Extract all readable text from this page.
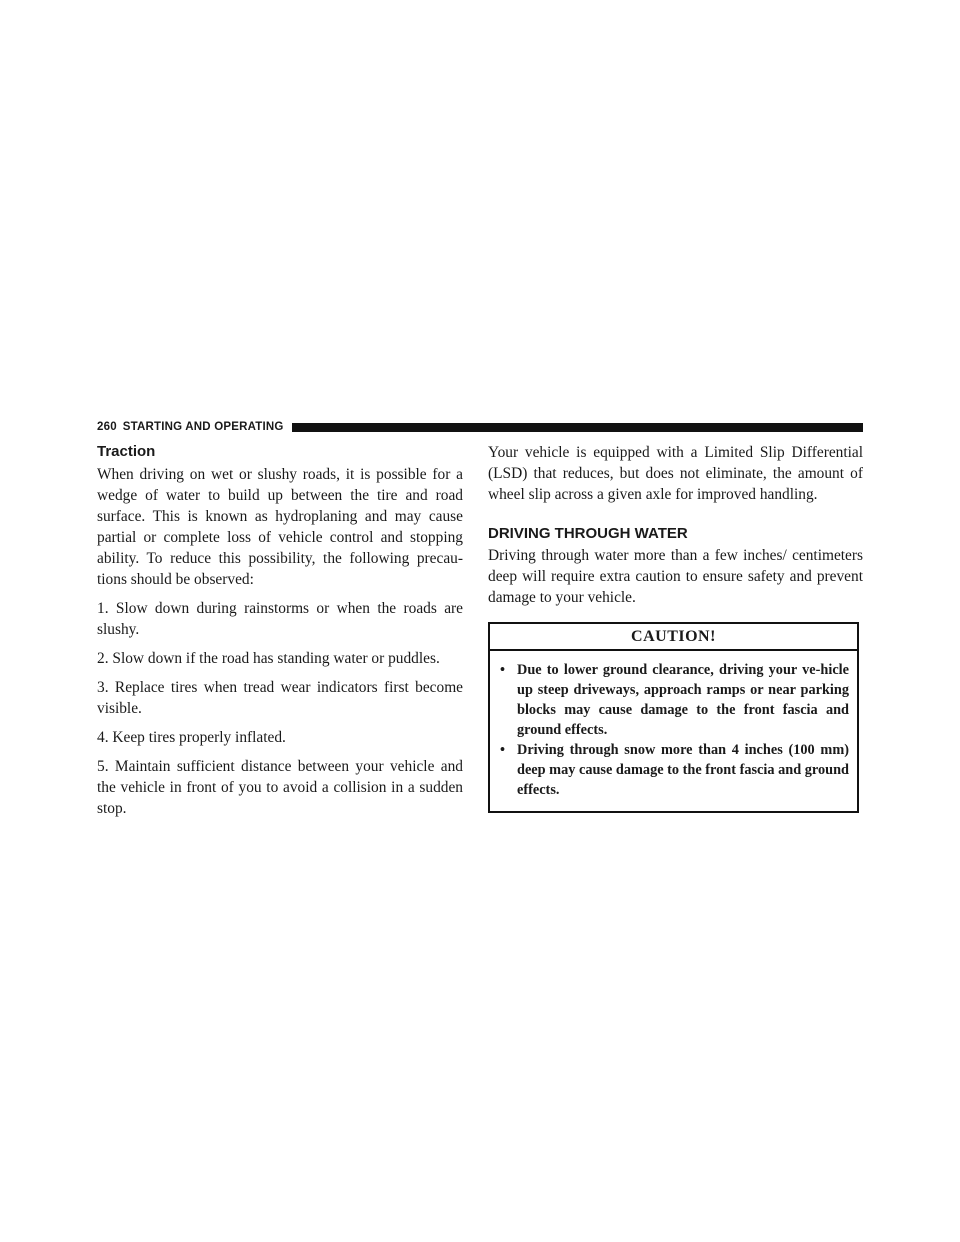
260 STARTING AND OPERATING
Traction

When driving on wet or slushy roads, it is possible for a wedge of water to build up between the tire and road surface. This is known as hydroplaning and may cause partial or complete loss of vehicle control and stopping ability. To reduce this possibility, the following precau-tions should be observed:

1. Slow down during rainstorms or when the roads are slushy.

2. Slow down if the road has standing water or puddles.

3. Replace tires when tread wear indicators first become visible.

4. Keep tires properly inflated.

5. Maintain sufficient distance between your vehicle and the vehicle in front of you to avoid a collision in a sudden stop.

Your vehicle is equipped with a Limited Slip Differential (LSD) that reduces, but does not eliminate, the amount of wheel slip across a given axle for improved handling.

DRIVING THROUGH WATER

Driving through water more than a few inches/ centimeters deep will require extra caution to ensure safety and prevent damage to your vehicle.

CAUTION!
• Due to lower ground clearance, driving your ve-hicle up steep driveways, approach ramps or near parking blocks may cause damage to the front fascia and ground effects.
• Driving through snow more than 4 inches (100 mm) deep may cause damage to the front fascia and ground effects.
